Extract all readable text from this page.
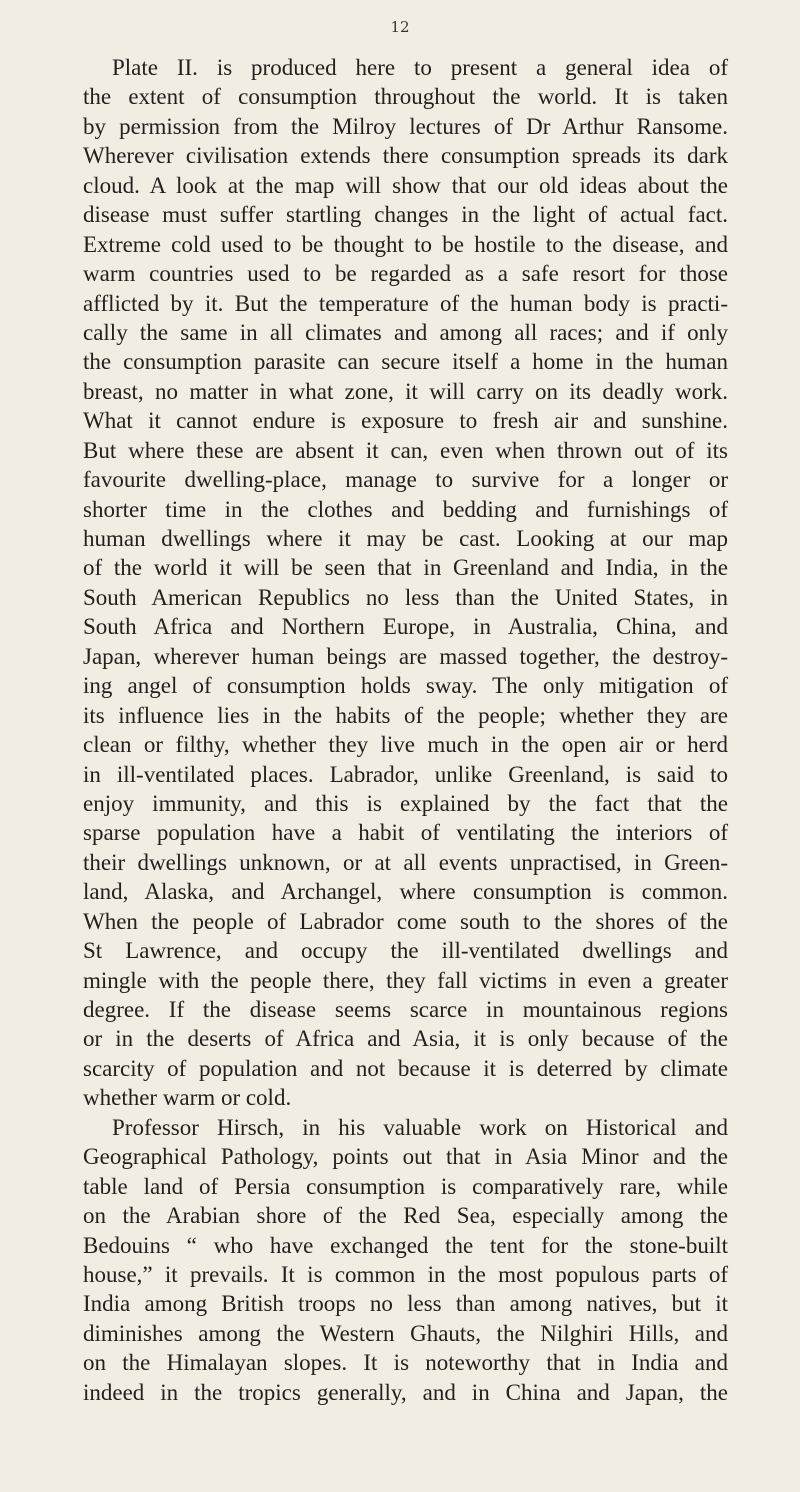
12
Plate II. is produced here to present a general idea of
the extent of consumption throughout the world. It is taken
by permission from the Milroy lectures of Dr Arthur Ransome.
Wherever civilisation extends there consumption spreads its dark
cloud. A look at the map will show that our old ideas about the
disease must suffer startling changes in the light of actual fact.
Extreme cold used to be thought to be hostile to the disease, and
warm countries used to be regarded as a safe resort for those
afflicted by it. But the temperature of the human body is practi-
cally the same in all climates and among all races; and if only
the consumption parasite can secure itself a home in the human
breast, no matter in what zone, it will carry on its deadly work.
What it cannot endure is exposure to fresh air and sunshine.
But where these are absent it can, even when thrown out of its
favourite dwelling-place, manage to survive for a longer or
shorter time in the clothes and bedding and furnishings of
human dwellings where it may be cast. Looking at our map
of the world it will be seen that in Greenland and India, in the
South American Republics no less than the United States, in
South Africa and Northern Europe, in Australia, China, and
Japan, wherever human beings are massed together, the destroy-
ing angel of consumption holds sway. The only mitigation of
its influence lies in the habits of the people; whether they are
clean or filthy, whether they live much in the open air or herd
in ill-ventilated places. Labrador, unlike Greenland, is said to
enjoy immunity, and this is explained by the fact that the
sparse population have a habit of ventilating the interiors of
their dwellings unknown, or at all events unpractised, in Green-
land, Alaska, and Archangel, where consumption is common.
When the people of Labrador come south to the shores of the
St Lawrence, and occupy the ill-ventilated dwellings and
mingle with the people there, they fall victims in even a greater
degree. If the disease seems scarce in mountainous regions
or in the deserts of Africa and Asia, it is only because of the
scarcity of population and not because it is deterred by climate
whether warm or cold.
Professor Hirsch, in his valuable work on Historical and
Geographical Pathology, points out that in Asia Minor and the
table land of Persia consumption is comparatively rare, while
on the Arabian shore of the Red Sea, especially among the
Bedouins “ who have exchanged the tent for the stone-built
house,” it prevails. It is common in the most populous parts of
India among British troops no less than among natives, but it
diminishes among the Western Ghauts, the Nilghiri Hills, and
on the Himalayan slopes. It is noteworthy that in India and
indeed in the tropics generally, and in China and Japan, the
